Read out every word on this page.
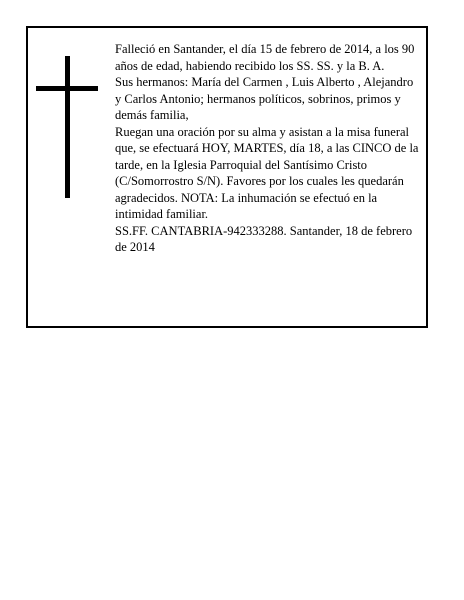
Falleció en Santander, el día 15 de febrero de 2014, a los 90 años de edad, habiendo recibido los SS. SS. y la B. A.

Sus hermanos: María del Carmen , Luis Alberto , Alejandro y Carlos Antonio; hermanos políticos, sobrinos, primos y demás familia,

Ruegan una oración por su alma y asistan a la misa funeral que, se efectuará HOY, MARTES, día 18, a las CINCO de la tarde, en la Iglesia Parroquial del Santísimo Cristo (C/Somorrostro S/N). Favores por los cuales les quedarán agradecidos. NOTA: La inhumación se efectuó en la intimidad familiar.

SS.FF. CANTABRIA-942333288. Santander, 18 de febrero de 2014
